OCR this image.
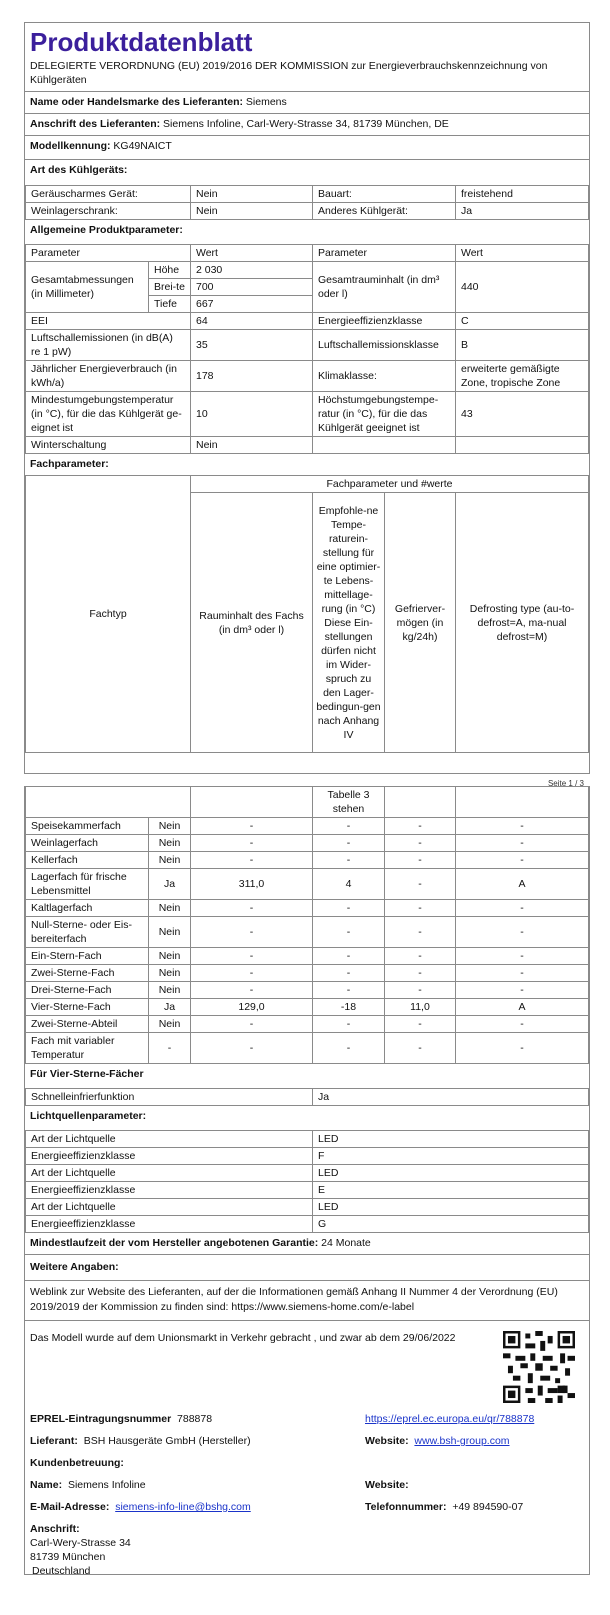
Produktdatenblatt
DELEGIERTE VERORDNUNG (EU) 2019/2016 DER KOMMISSION zur Energieverbrauchskennzeichnung von Kühlgeräten
Name oder Handelsmarke des Lieferanten: Siemens
Anschrift des Lieferanten: Siemens Infoline, Carl-Wery-Strasse 34, 81739 München, DE
Modellkennung: KG49NAICT
Art des Kühlgeräts:
Geräuscharmes Gerät:	Nein	Bauart:	freistehend
Weinlagerschrank:	Nein	Anderes Kühlgerät:	Ja
Allgemeine Produktparameter:
Parameter		Wert	Parameter	Wert
Gesamtabmessungen (in Millimeter)	Höhe	2 030	Gesamtrauminhalt (in dm³ oder l)	440
	Brei-te	700		
	Tiefe	667		
EEI		64	Energieeffizienzklasse	C
Luftschallemissionen (in dB(A) re 1 pW)		35	Luftschallemissionsklasse	B
Jährlicher Energieverbrauch (in kWh/a)		178	Klimaklasse:	erweiterte gemäßigte Zone, tropische Zone
Mindestumgebungstemperatur (in °C), für die das Kühlgerät ge-eignet ist		10	Höchstumgebungstempe-ratur (in °C), für die das Kühlgerät geeignet ist	43
Winterschaltung		Nein		
Fachparameter:
Fachtyp	Fachparameter und #werte			
	Rauminhalt des Fachs (in dm³ oder l)	Empfohle-ne Tempe-raturein-stellung für eine optimier-te Lebens-mittellage-rung (in °C) Diese Ein-stellungen dürfen nicht im Wider-spruch zu den Lager-bedingun-gen nach Anhang IV	Gefrierver-mögen (in kg/24h)	Defrosting type (au-to-defrost=A, ma-nual defrost=M)
Seite 1 / 3
			Tabelle 3 stehen		
Speisekammerfach	Nein	-	-	-	-
Weinlagerfach	Nein	-	-	-	-
Kellerfach	Nein	-	-	-	-
Lagerfach für frische Lebensmittel	Ja	311,0	4	-	A
Kaltlagerfach	Nein	-	-	-	-
Null-Sterne- oder Eis-bereiterfach	Nein	-	-	-	-
Ein-Stern-Fach	Nein	-	-	-	-
Zwei-Sterne-Fach	Nein	-	-	-	-
Drei-Sterne-Fach	Nein	-	-	-	-
Vier-Sterne-Fach	Ja	129,0	-18	11,0	A
Zwei-Sterne-Abteil	Nein	-	-	-	-
Fach mit variabler Temperatur	-	-	-	-	-
Für Vier-Sterne-Fächer
Schnelleinfrierfunktion	Ja
Lichtquellenparameter:
Art der Lichtquelle	LED
Energieeffizienzklasse	F
Art der Lichtquelle	LED
Energieeffizienzklasse	E
Art der Lichtquelle	LED
Energieeffizienzklasse	G
Mindestlaufzeit der vom Hersteller angebotenen Garantie: 24 Monate
Weitere Angaben:
Weblink zur Website des Lieferanten, auf der die Informationen gemäß Anhang II Nummer 4 der Verordnung (EU) 2019/2019 der Kommission zu finden sind: https://www.siemens-home.com/e-label
Das Modell wurde auf dem Unionsmarkt in Verkehr gebracht , und zwar ab dem 29/06/2022
EPREL-Eintragungsnummer 788878	https://eprel.ec.europa.eu/qr/788878
Lieferant: BSH Hausgeräte GmbH (Hersteller)	Website: www.bsh-group.com
Kundenbetreuung:
Name: Siemens Infoline	Website:
E-Mail-Adresse: siemens-info-line@bshg.com	Telefonnummer: +49 894590-07
Anschrift:
Carl-Wery-Strasse 34
81739 München
Deutschland
